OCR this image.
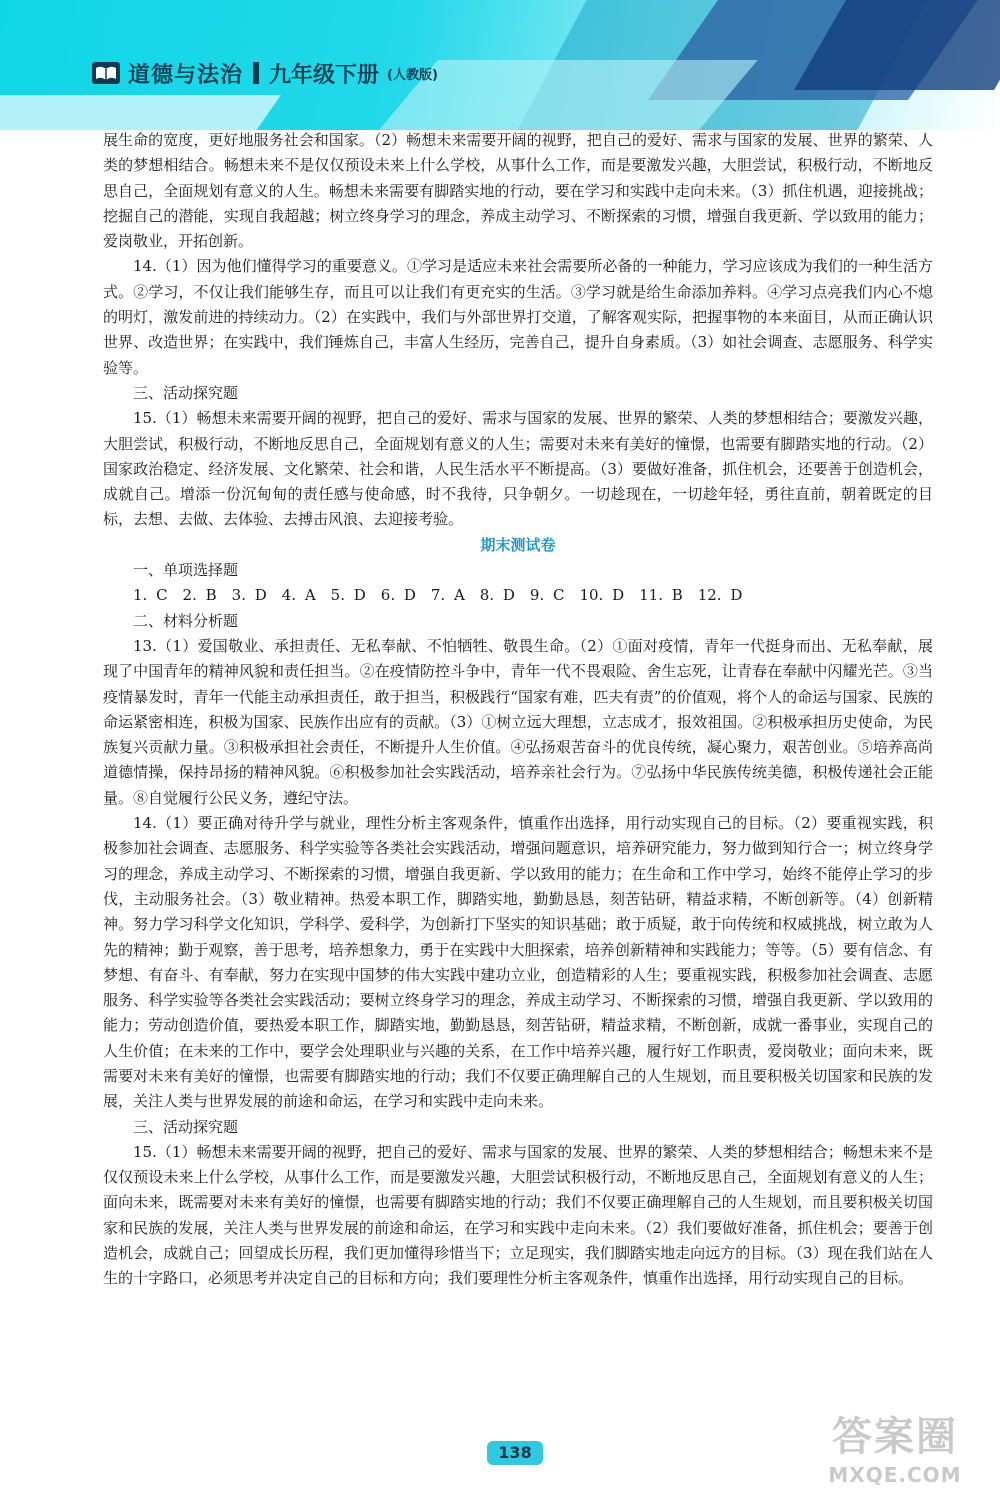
道德与法治 九年级下册 (人教版)

展生命的宽度，更好地服务社会和国家。（2）畅想未来需要开阔的视野，把自己的爱好、需求与国家的发展、世界的繁荣、人类的梦想相结合。畅想未来不是仅仅预设未来上什么学校，从事什么工作，而是要激发兴趣，大胆尝试，积极行动，不断地反思自己，全面规划有意义的人生。畅想未来需要有脚踏实地的行动，要在学习和实践中走向未来。（3）抓住机遇，迎接挑战；挖掘自己的潜能，实现自我超越；树立终身学习的理念，养成主动学习、不断探索的习惯，增强自我更新、学以致用的能力；爱岗敬业，开拓创新。

14.（1）因为他们懂得学习的重要意义。①学习是适应未来社会需要所必备的一种能力，学习应该成为我们的一种生活方式。②学习，不仅让我们能够生存，而且可以让我们有更充实的生活。③学习就是给生命添加养料。④学习点亮我们内心不熄的明灯，激发前进的持续动力。（2）在实践中，我们与外部世界打交道，了解客观实际，把握事物的本来面目，从而正确认识世界、改造世界；在实践中，我们锤炼自己，丰富人生经历，完善自己，提升自身素质。（3）如社会调查、志愿服务、科学实验等。

三、活动探究题

15.（1）畅想未来需要开阔的视野，把自己的爱好、需求与国家的发展、世界的繁荣、人类的梦想相结合；要激发兴趣，大胆尝试，积极行动，不断地反思自己，全面规划有意义的人生；需要对未来有美好的憧憬，也需要有脚踏实地的行动。（2）国家政治稳定、经济发展、文化繁荣、社会和谐，人民生活水平不断提高。（3）要做好准备，抓住机会，还要善于创造机会，成就自己。增添一份沉甸甸的责任感与使命感，时不我待，只争朝夕。一切趁现在，一切趁年轻，勇往直前，朝着既定的目标，去想、去做、去体验、去搏击风浪、去迎接考验。

期末测试卷

一、单项选择题

1. C　2. B　3. D　4. A　5. D　6. D　7. A　8. D　9. C　10. D　11. B　12. D

二、材料分析题

13.（1）爱国敬业、承担责任、无私奉献、不怕牺牲、敬畏生命。（2）①面对疫情，青年一代挺身而出、无私奉献，展现了中国青年的精神风貌和责任担当。②在疫情防控斗争中，青年一代不畏艰险、舍生忘死，让青春在奉献中闪耀光芒。③当疫情暴发时，青年一代能主动承担责任，敢于担当，积极践行“国家有难，匹夫有责”的价值观，将个人的命运与国家、民族的命运紧密相连，积极为国家、民族作出应有的贡献。（3）①树立远大理想，立志成才，报效祖国。②积极承担历史使命，为民族复兴贡献力量。③积极承担社会责任，不断提升人生价值。④弘扬艰苦奋斗的优良传统，凝心聚力，艰苦创业。⑤培养高尚道德情操，保持昂扬的精神风貌。⑥积极参加社会实践活动，培养亲社会行为。⑦弘扬中华民族传统美德，积极传递社会正能量。⑧自觉履行公民义务，遵纪守法。

14.（1）要正确对待升学与就业，理性分析主客观条件，慎重作出选择，用行动实现自己的目标。（2）要重视实践，积极参加社会调查、志愿服务、科学实验等各类社会实践活动，增强问题意识，培养研究能力，努力做到知行合一；树立终身学习的理念，养成主动学习、不断探索的习惯，增强自我更新、学以致用的能力；在生命和工作中学习，始终不能停止学习的步伐，主动服务社会。（3）敬业精神。热爱本职工作，脚踏实地，勤勤恳恳，刻苦钻研，精益求精，不断创新等。（4）创新精神。努力学习科学文化知识，学科学、爱科学，为创新打下坚实的知识基础；敢于质疑，敢于向传统和权威挑战，树立敢为人先的精神；勤于观察，善于思考，培养想象力，勇于在实践中大胆探索，培养创新精神和实践能力；等等。（5）要有信念、有梦想、有奋斗、有奉献，努力在实现中国梦的伟大实践中建功立业，创造精彩的人生；要重视实践，积极参加社会调查、志愿服务、科学实验等各类社会实践活动；要树立终身学习的理念，养成主动学习、不断探索的习惯，增强自我更新、学以致用的能力；劳动创造价值，要热爱本职工作，脚踏实地，勤勤恳恳，刻苦钻研，精益求精，不断创新，成就一番事业，实现自己的人生价值；在未来的工作中，要学会处理职业与兴趣的关系，在工作中培养兴趣，履行好工作职责，爱岗敬业；面向未来，既需要对未来有美好的憧憬，也需要有脚踏实地的行动；我们不仅要正确理解自己的人生规划，而且要积极关切国家和民族的发展，关注人类与世界发展的前途和命运，在学习和实践中走向未来。

三、活动探究题

15.（1）畅想未来需要开阔的视野，把自己的爱好、需求与国家的发展、世界的繁荣、人类的梦想相结合；畅想未来不是仅仅预设未来上什么学校，从事什么工作，而是要激发兴趣，大胆尝试积极行动，不断地反思自己，全面规划有意义的人生；面向未来，既需要对未来有美好的憧憬，也需要有脚踏实地的行动；我们不仅要正确理解自己的人生规划，而且要积极关切国家和民族的发展，关注人类与世界发展的前途和命运，在学习和实践中走向未来。（2）我们要做好准备，抓住机会；要善于创造机会，成就自己；回望成长历程，我们更加懂得珍惜当下；立足现实，我们脚踏实地走向远方的目标。（3）现在我们站在人生的十字路口，必须思考并决定自己的目标和方向；我们要理性分析主客观条件，慎重作出选择，用行动实现自己的目标。

138	答案圈
MXQE.COM
